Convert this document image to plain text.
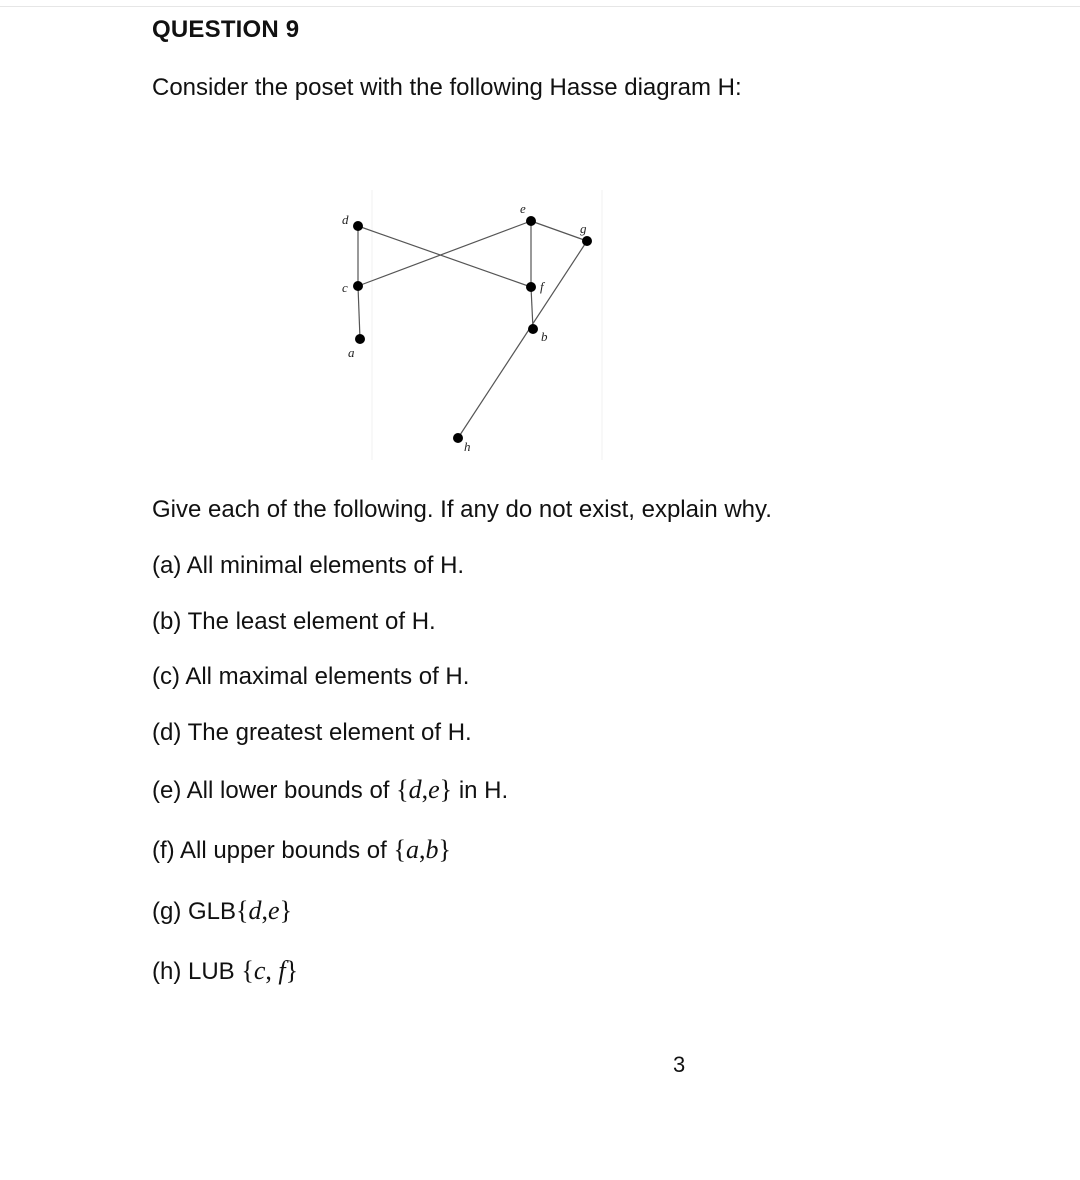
QUESTION 9
Consider the poset with the following Hasse diagram H:
d
c
a
e
g
f
b
h
Give each of the following. If any do not exist, explain why.
(a) All minimal elements of H.
(b) The least element of H.
(c) All maximal elements of H.
(d) The greatest element of H.
(e) All lower bounds of {d,e} in H.
(f) All upper bounds of {a,b}
(g) GLB{d,e}
(h) LUB {c, f}
3
